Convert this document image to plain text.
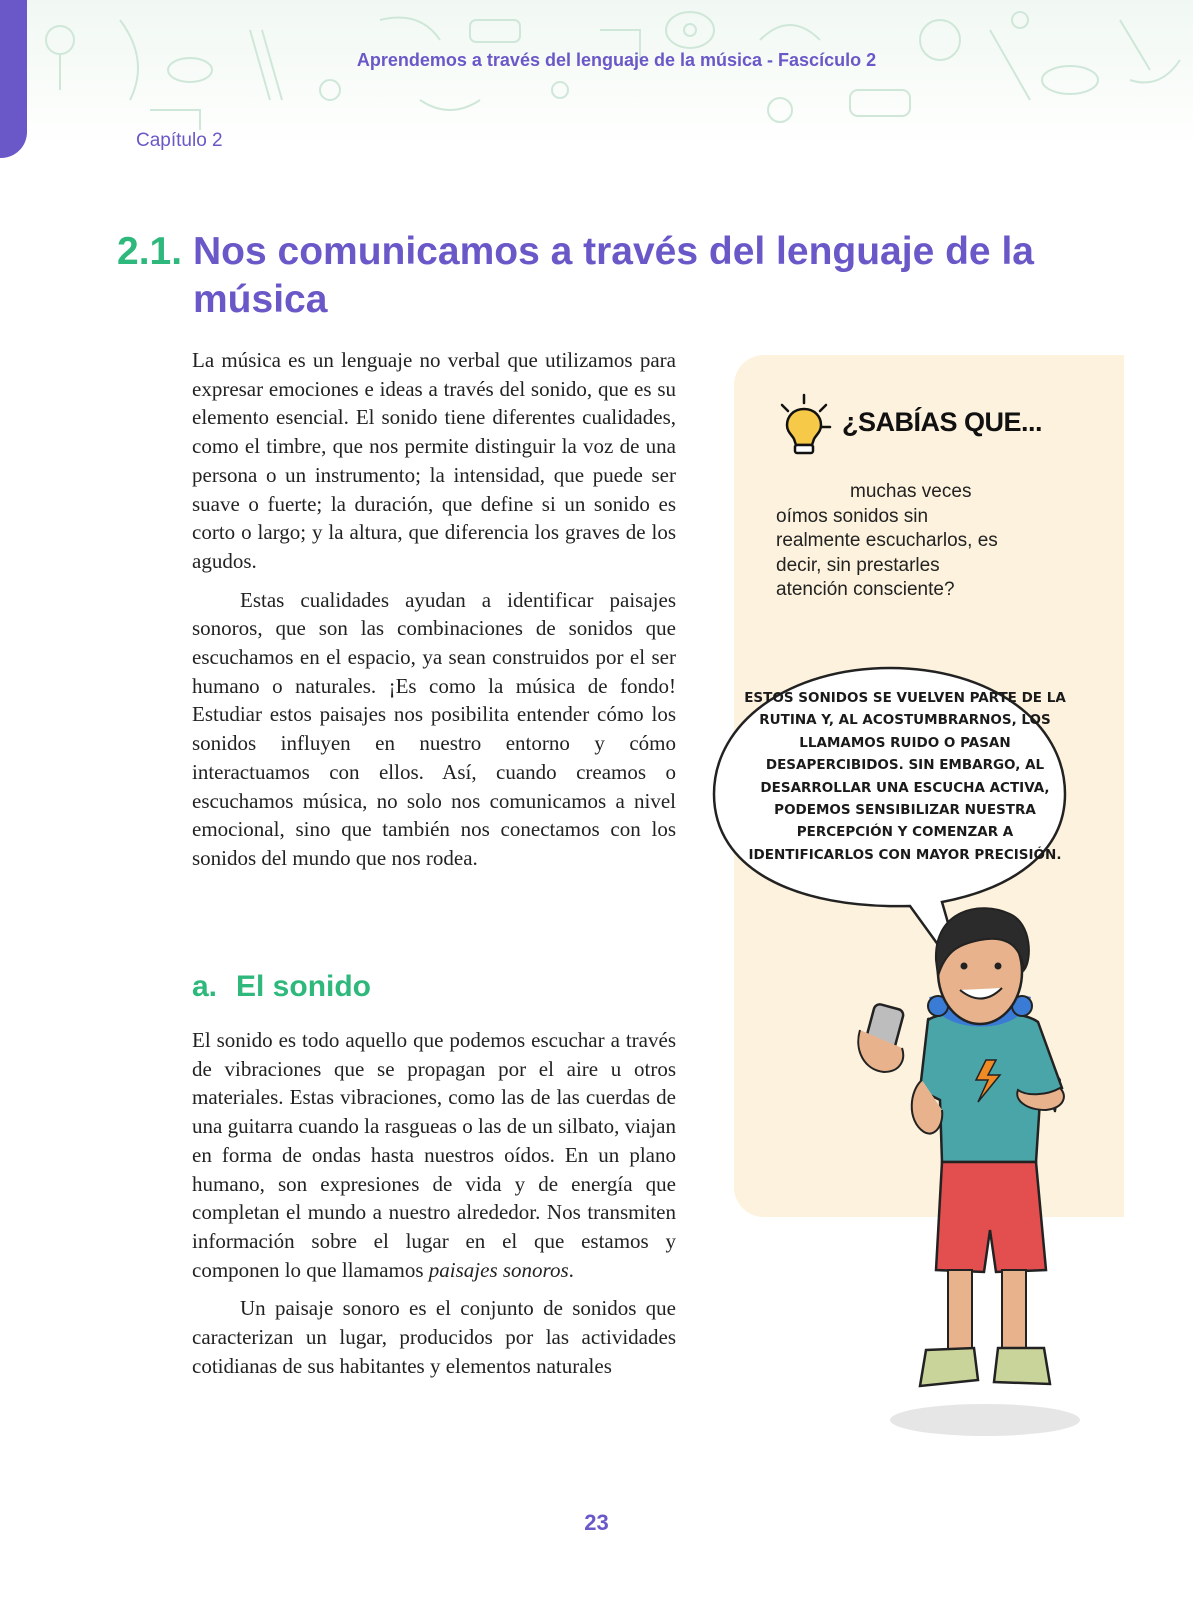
Aprendemos a través del lenguaje de la música - Fascículo 2
Capítulo 2
2.1. Nos comunicamos a través del lenguaje de la música

La música es un lenguaje no verbal que utilizamos para expresar emociones e ideas a través del sonido, que es su elemento esencial. El sonido tiene diferentes cualidades, como el timbre, que nos permite distinguir la voz de una persona o un instrumento; la intensidad, que puede ser suave o fuerte; la duración, que define si un sonido es corto o largo; y la altura, que diferencia los graves de los agudos.

Estas cualidades ayudan a identificar paisajes sonoros, que son las combinaciones de sonidos que escuchamos en el espacio, ya sean construidos por el ser humano o naturales. ¡Es como la música de fondo! Estudiar estos paisajes nos posibilita entender cómo los sonidos influyen en nuestro entorno y cómo interactuamos con ellos. Así, cuando creamos o escuchamos música, no solo nos comunicamos a nivel emocional, sino que también nos conectamos con los sonidos del mundo que nos rodea.

a. El sonido

El sonido es todo aquello que podemos escuchar a través de vibraciones que se propagan por el aire u otros materiales. Estas vibraciones, como las de las cuerdas de una guitarra cuando la rasgueas o las de un silbato, viajan en forma de ondas hasta nuestros oídos. En un plano humano, son expresiones de vida y de energía que completan el mundo a nuestro alrededor. Nos transmiten información sobre el lugar en el que estamos y componen lo que llamamos paisajes sonoros.

Un paisaje sonoro es el conjunto de sonidos que caracterizan un lugar, producidos por las actividades cotidianas de sus habitantes y elementos naturales

¿SABÍAS QUE...

muchas veces oímos sonidos sin realmente escucharlos, es decir, sin prestarles atención consciente?

ESTOS SONIDOS SE VUELVEN PARTE DE LA RUTINA Y, AL ACOSTUMBRARNOS, LOS LLAMAMOS RUIDO O PASAN DESAPERCIBIDOS. SIN EMBARGO, AL DESARROLLAR UNA ESCUCHA ACTIVA, PODEMOS SENSIBILIZAR NUESTRA PERCEPCIÓN Y COMENZAR A IDENTIFICARLOS CON MAYOR PRECISIÓN.

23
